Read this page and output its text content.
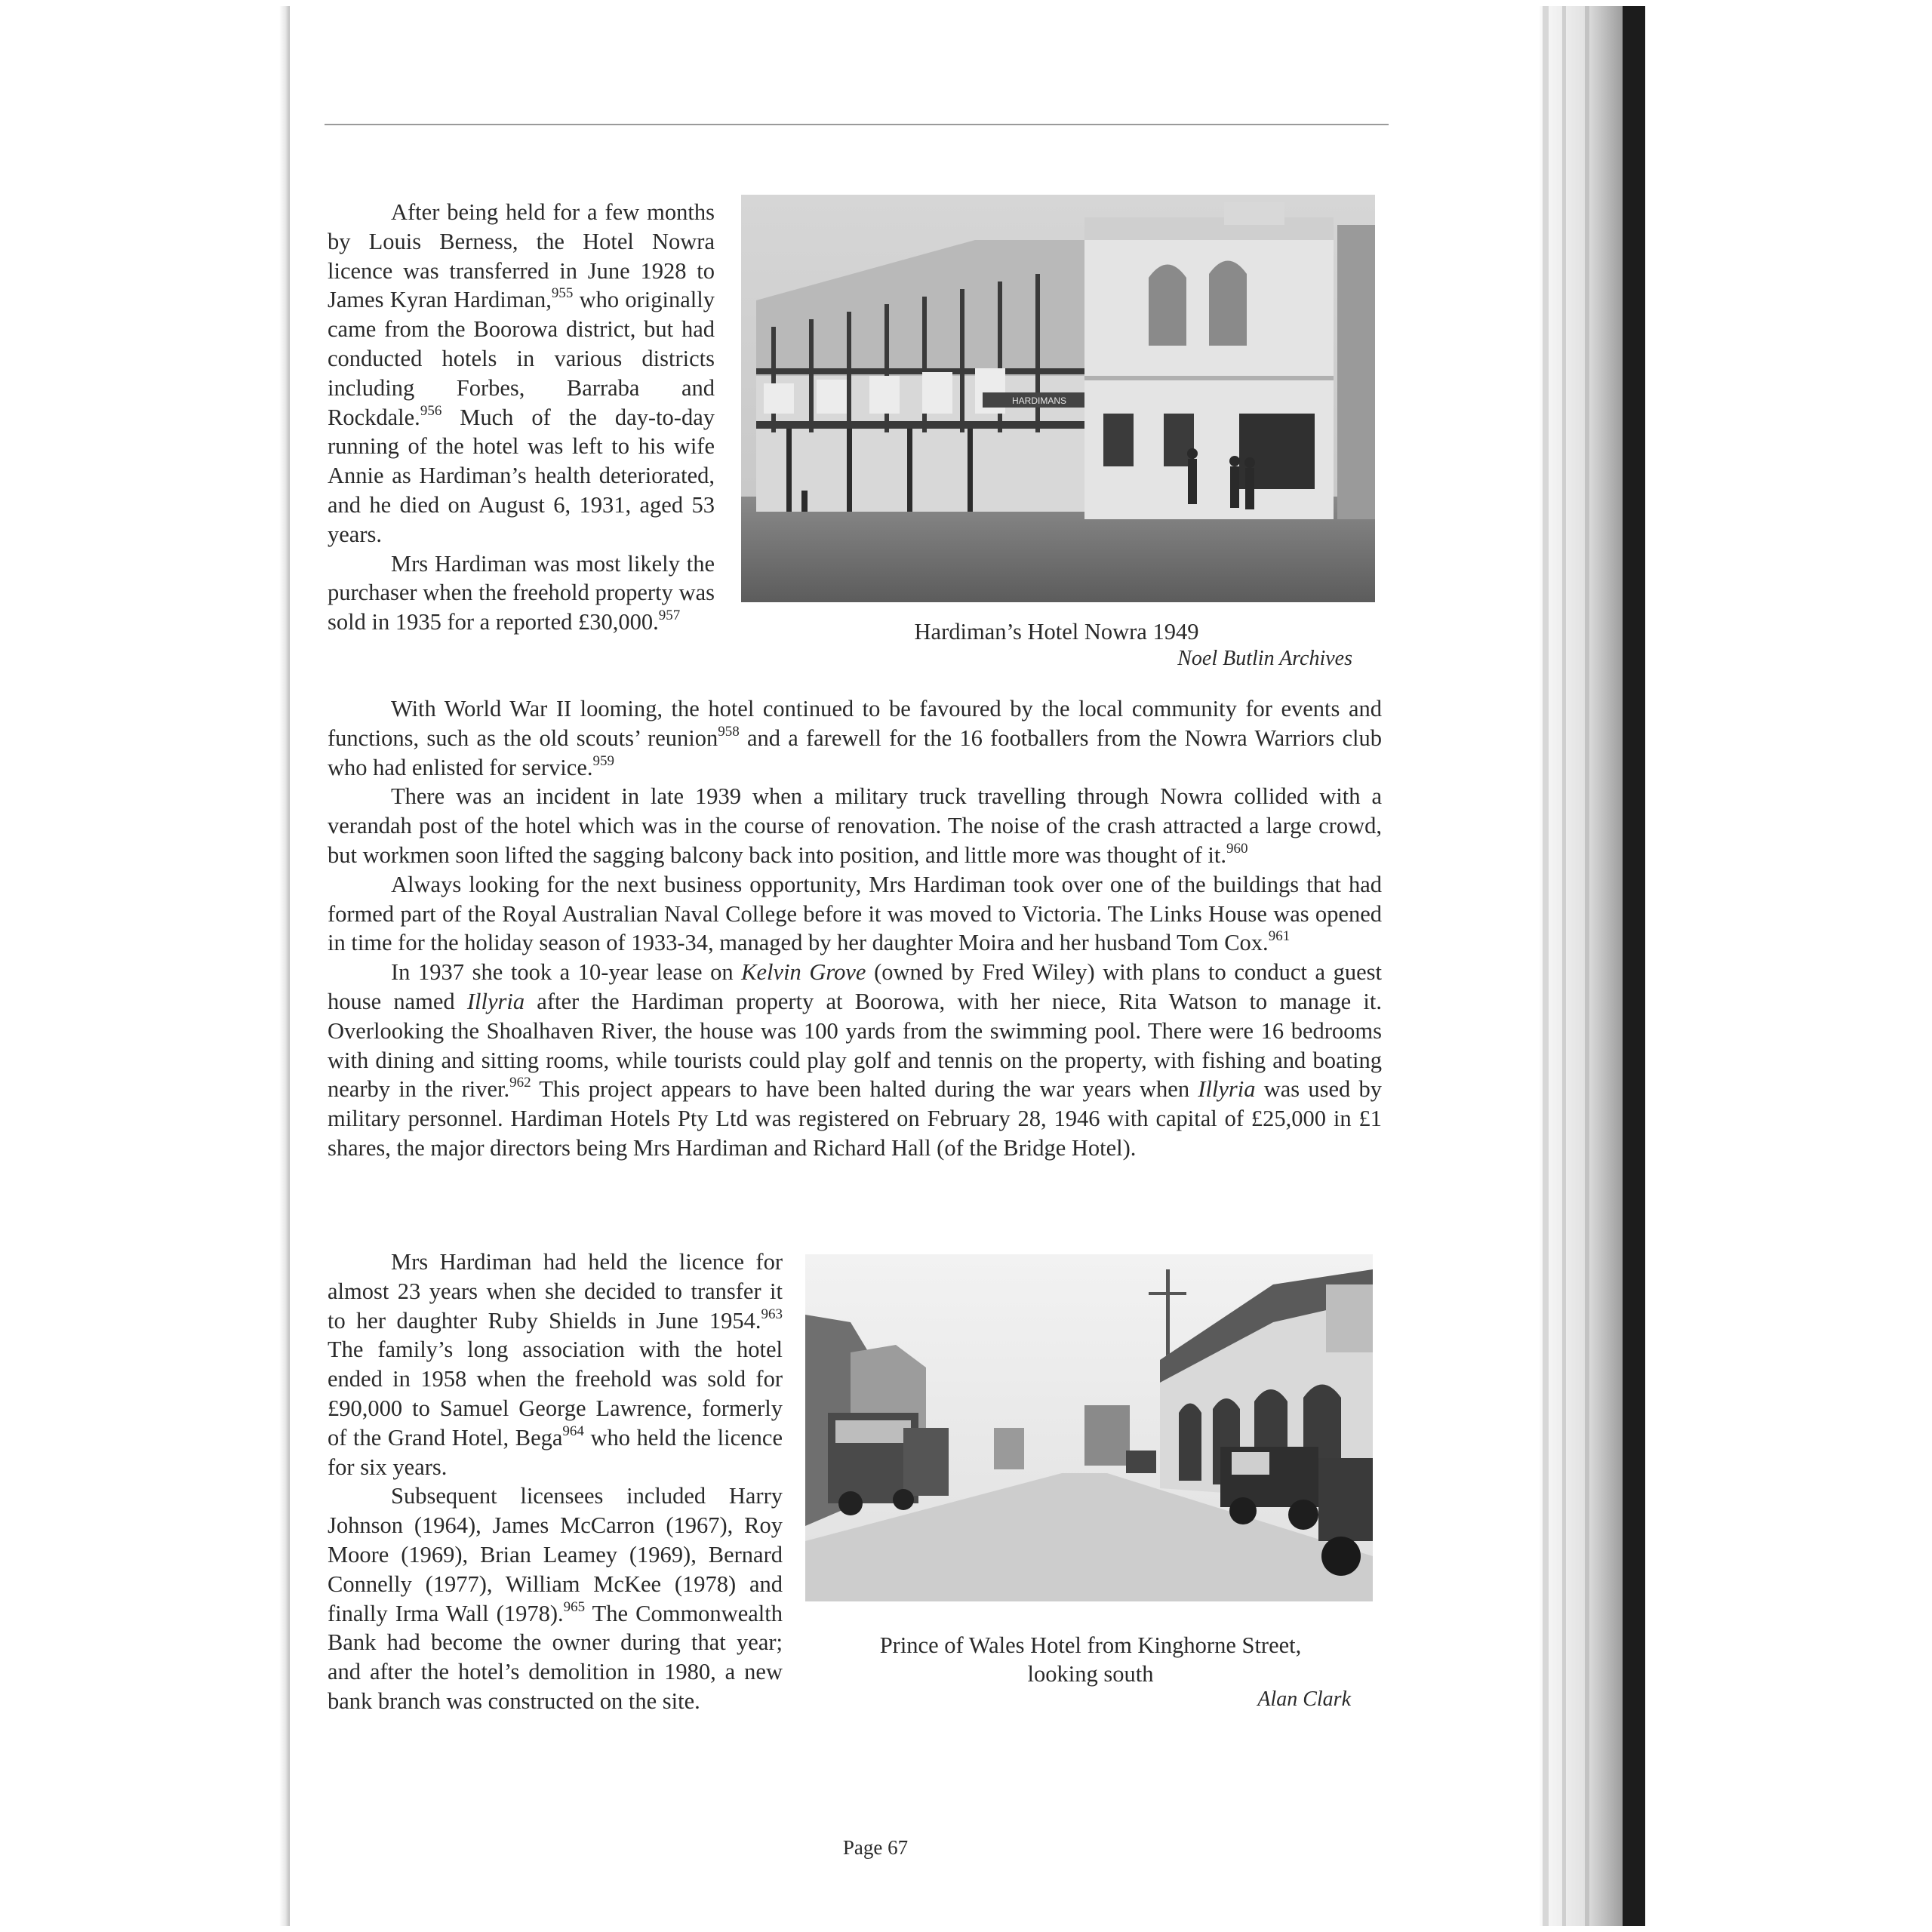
After being held for a few months by Louis Berness, the Hotel Nowra licence was transferred in June 1928 to James Kyran Hardiman,$^{955}$ who originally came from the Boorowa district, but had conducted hotels in various districts including Forbes, Barraba and Rockdale.$^{956}$ Much of the day-to-day running of the hotel was left to his wife Annie as Hardiman’s health deteriorated, and he died on August 6, 1931, aged 53 years.

Mrs Hardiman was most likely the purchaser when the freehold property was sold in 1935 for a reported £30,000.$^{957}$

HARDIMANS
Hardiman’s Hotel Nowra 1949
Noel Butlin Archives

With World War II looming, the hotel continued to be favoured by the local community for events and functions, such as the old scouts’ reunion$^{958}$ and a farewell for the 16 footballers from the Nowra Warriors club who had enlisted for service.$^{959}$

There was an incident in late 1939 when a military truck travelling through Nowra collided with a verandah post of the hotel which was in the course of renovation. The noise of the crash attracted a large crowd, but workmen soon lifted the sagging balcony back into position, and little more was thought of it.$^{960}$

Always looking for the next business opportunity, Mrs Hardiman took over one of the buildings that had formed part of the Royal Australian Naval College before it was moved to Victoria. The Links House was opened in time for the holiday season of 1933-34, managed by her daughter Moira and her husband Tom Cox.$^{961}$

In 1937 she took a 10-year lease on Kelvin Grove (owned by Fred Wiley) with plans to conduct a guest house named Illyria after the Hardiman property at Boorowa, with her niece, Rita Watson to manage it. Overlooking the Shoalhaven River, the house was 100 yards from the swimming pool. There were 16 bedrooms with dining and sitting rooms, while tourists could play golf and tennis on the property, with fishing and boating nearby in the river.$^{962}$ This project appears to have been halted during the war years when Illyria was used by military personnel. Hardiman Hotels Pty Ltd was registered on February 28, 1946 with capital of £25,000 in £1 shares, the major directors being Mrs Hardiman and Richard Hall (of the Bridge Hotel).

Mrs Hardiman had held the licence for almost 23 years when she decided to transfer it to her daughter Ruby Shields in June 1954.$^{963}$ The family’s long association with the hotel ended in 1958 when the freehold was sold for £90,000 to Samuel George Lawrence, formerly of the Grand Hotel, Bega$^{964}$ who held the licence for six years.

Subsequent licensees included Harry Johnson (1964), James McCarron (1967), Roy Moore (1969), Brian Leamey (1969), Bernard Connelly (1977), William McKee (1978) and finally Irma Wall (1978).$^{965}$ The Commonwealth Bank had become the owner during that year; and after the hotel’s demolition in 1980, a new bank branch was constructed on the site.

Prince of Wales Hotel from Kinghorne Street,
looking south
Alan Clark
Page 67
